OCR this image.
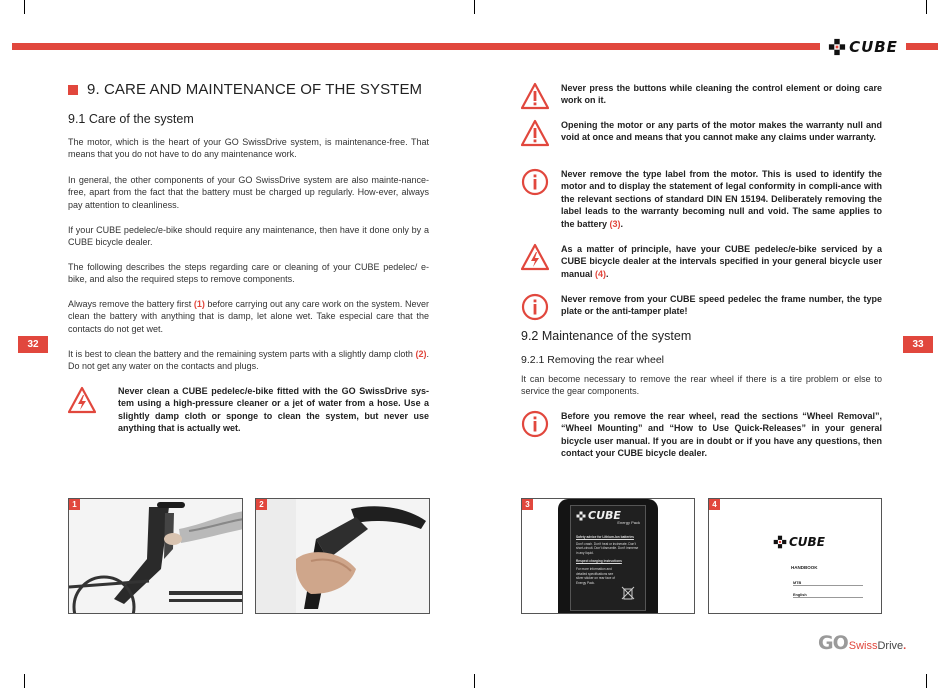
CUBE
32	33
9. CARE AND MAINTENANCE OF THE SYSTEM
9.1 Care of the system
The motor, which is the heart of your GO SwissDrive system, is maintenance-free. That means that you do not have to do any maintenance work.
In general, the other components of your GO SwissDrive system are also mainte-nance-free, apart from the fact that the battery must be charged up regularly. How-ever, always pay attention to cleanliness.
If your CUBE pedelec/e-bike should require any maintenance, then have it done only by a CUBE bicycle dealer.
The following describes the steps regarding care or cleaning of your CUBE pedelec/ e-bike, and also the required steps to remove components.
Always remove the battery first (1) before carrying out any care work on the system. Never clean the battery with anything that is damp, let alone wet. Take especial care that the contacts do not get wet.
It is best to clean the battery and the remaining system parts with a slightly damp cloth (2). Do not get any water on the contacts and plugs.
Never clean a CUBE pedelec/e-bike fitted with the GO SwissDrive sys-tem using a high-pressure cleaner or a jet of water from a hose. Use a slightly damp cloth or sponge to clean the system, but never use anything that is actually wet.
Never press the buttons while cleaning the control element or doing care work on it.
Opening the motor or any parts of the motor makes the warranty null and void at once and means that you cannot make any claims under warranty.
Never remove the type label from the motor. This is used to identify the motor and to display the statement of legal conformity in compli-ance with the relevant sections of standard DIN EN 15194. Deliberately removing the label leads to the warranty becoming null and void. The same applies to the battery (3).
As a matter of principle, have your CUBE pedelec/e-bike serviced by a CUBE bicycle dealer at the intervals specified in your general bicycle user manual (4).
Never remove from your CUBE speed pedelec the frame number, the type plate or the anti-tamper plate!
9.2 Maintenance of the system
9.2.1 Removing the rear wheel
It can become necessary to remove the rear wheel if there is a tire problem or else to service the gear components.
Before you remove the rear wheel, read the sections “Wheel Removal”, “Wheel Mounting” and “How to Use Quick-Releases” in your general bicycle user manual. If you are in doubt or if you have any questions, then contact your CUBE bicycle dealer.
1	2	3
CUBE
Energy Pack
Safety advice for Lithium-Ion batteries
Don't crash. Don't heat or incinerate. Don't short-circuit. Don't dismantle. Don't immerse in any liquid.
Respect charging instructions
For more information and detailed specifications see silver sticker on rear face of Energy Pack.
4
CUBE
HANDBOOK
MTB
English
GO Swiss Drive .
